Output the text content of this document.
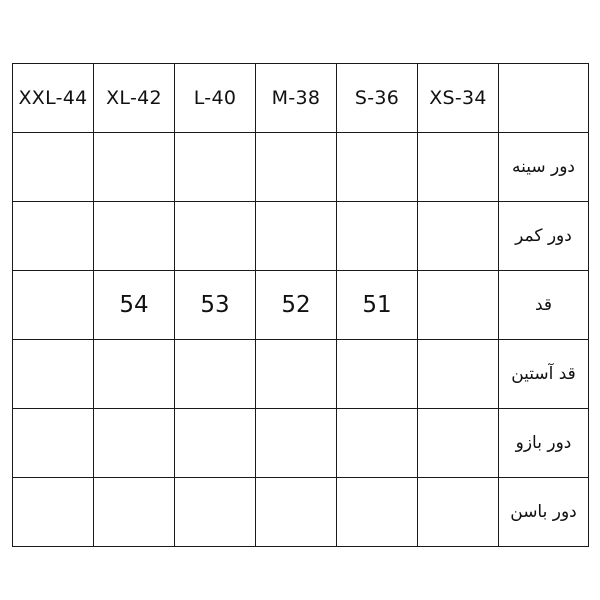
XXL-44	XL-42	L-40	M-38	S-36	XS-34	
						دور سینه
						دور کمر
	54	53	52	51		قد
						قد آستین
						دور بازو
						دور باسن
